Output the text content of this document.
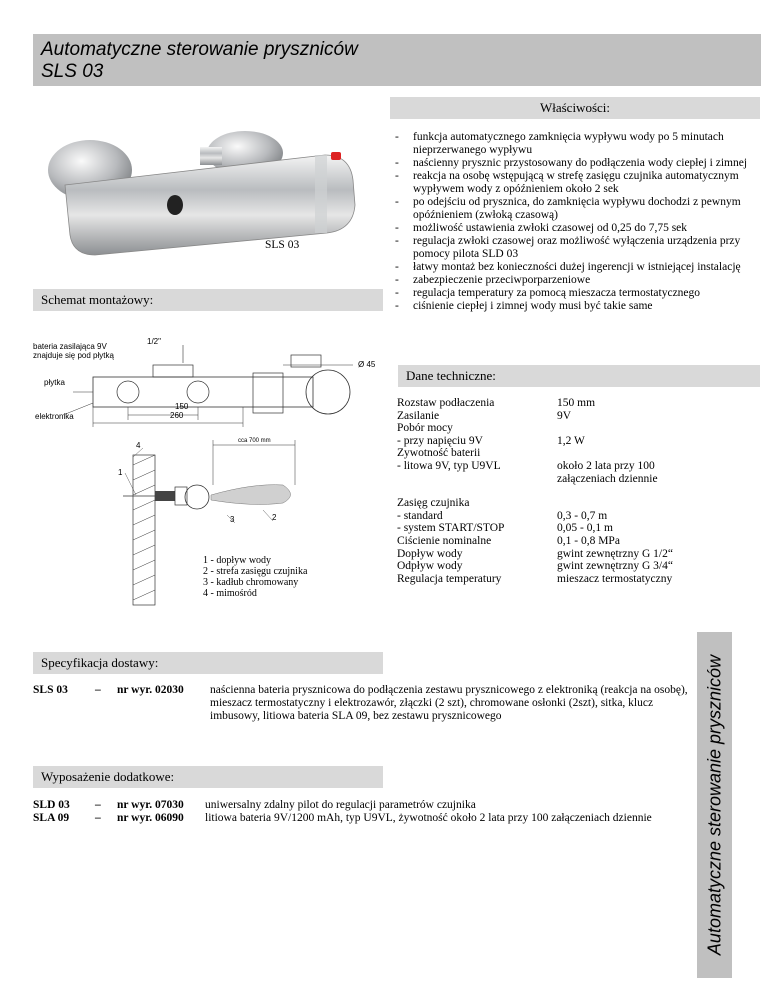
Automatyczne sterowanie pryszniców
SLS 03
SLS 03
Właściwości:
- funkcja automatycznego zamknięcia wypływu wody po 5 minutach nieprzerwanego wypływu
- naścienny prysznic przystosowany do podłączenia wody ciepłej i zimnej
- reakcja na osobę wstępującą w strefę zasięgu czujnika automatycznym wypływem wody z opóźnieniem około 2 sek
- po odejściu od prysznica, do zamknięcia wypływu dochodzi z pewnym opóźnieniem (zwłoką czasową)
- możliwość ustawienia zwłoki czasowej od 0,25 do 7,75 sek
- regulacja zwłoki czasowej oraz możliwość wyłączenia urządzenia przy pomocy pilota SLD 03
- łatwy montaż bez konieczności dużej ingerencji w istniejącej instalację
- zabezpieczenie przeciwporparzeniowe
- regulacja temperatury za pomocą mieszacza termostatycznego
- ciśnienie ciepłej i zimnej wody musi być takie same
Schemat montażowy:
bateria zasilająca 9V
znajduje się pod płytką
1/2"
Ø 45
płytka
elektronika
150
260
cca 700 mm
1
2
3
4
1 - dopływ wody
2 - strefa zasięgu czujnika
3 - kadłub chromowany
4 - mimośród
Dane techniczne:
Rozstaw podłaczenia	150 mm
Zasilanie	9V
Pobór mocy
- przy napięciu 9V	1,2 W
Zywotność baterii
- litowa 9V, typ U9VL	około 2 lata przy 100
załączeniach dziennie
Zasięg czujnika
- standard	0,3 - 0,7 m
- system START/STOP	0,05 - 0,1 m
Ciścienie nominalne	0,1 - 0,8 MPa
Dopływ wody	gwint zewnętrzny G 1/2“
Odpływ wody	gwint zewnętrzny G 3/4“
Regulacja temperatury	mieszacz termostatyczny
Automatyczne sterowanie pryszniców
Specyfikacja dostawy:
SLS 03 – nr wyr. 02030 naścienna bateria prysznicowa do podłączenia zestawu prysznicowego z elektroniką (reakcja na osobę), mieszacz termostatyczny i elektrozawór, złączki (2 szt), chromowane osłonki (2szt), sitka, klucz imbusowy, litiowa bateria SLA 09, bez zestawu prysznicowego
Wyposażenie dodatkowe:
SLD 03 – nr wyr. 07030 uniwersalny zdalny pilot do regulacji parametrów czujnika
SLA 09 – nr wyr. 06090 litiowa bateria 9V/1200 mAh, typ U9VL, żywotność około 2 lata przy 100 załączeniach dziennie
